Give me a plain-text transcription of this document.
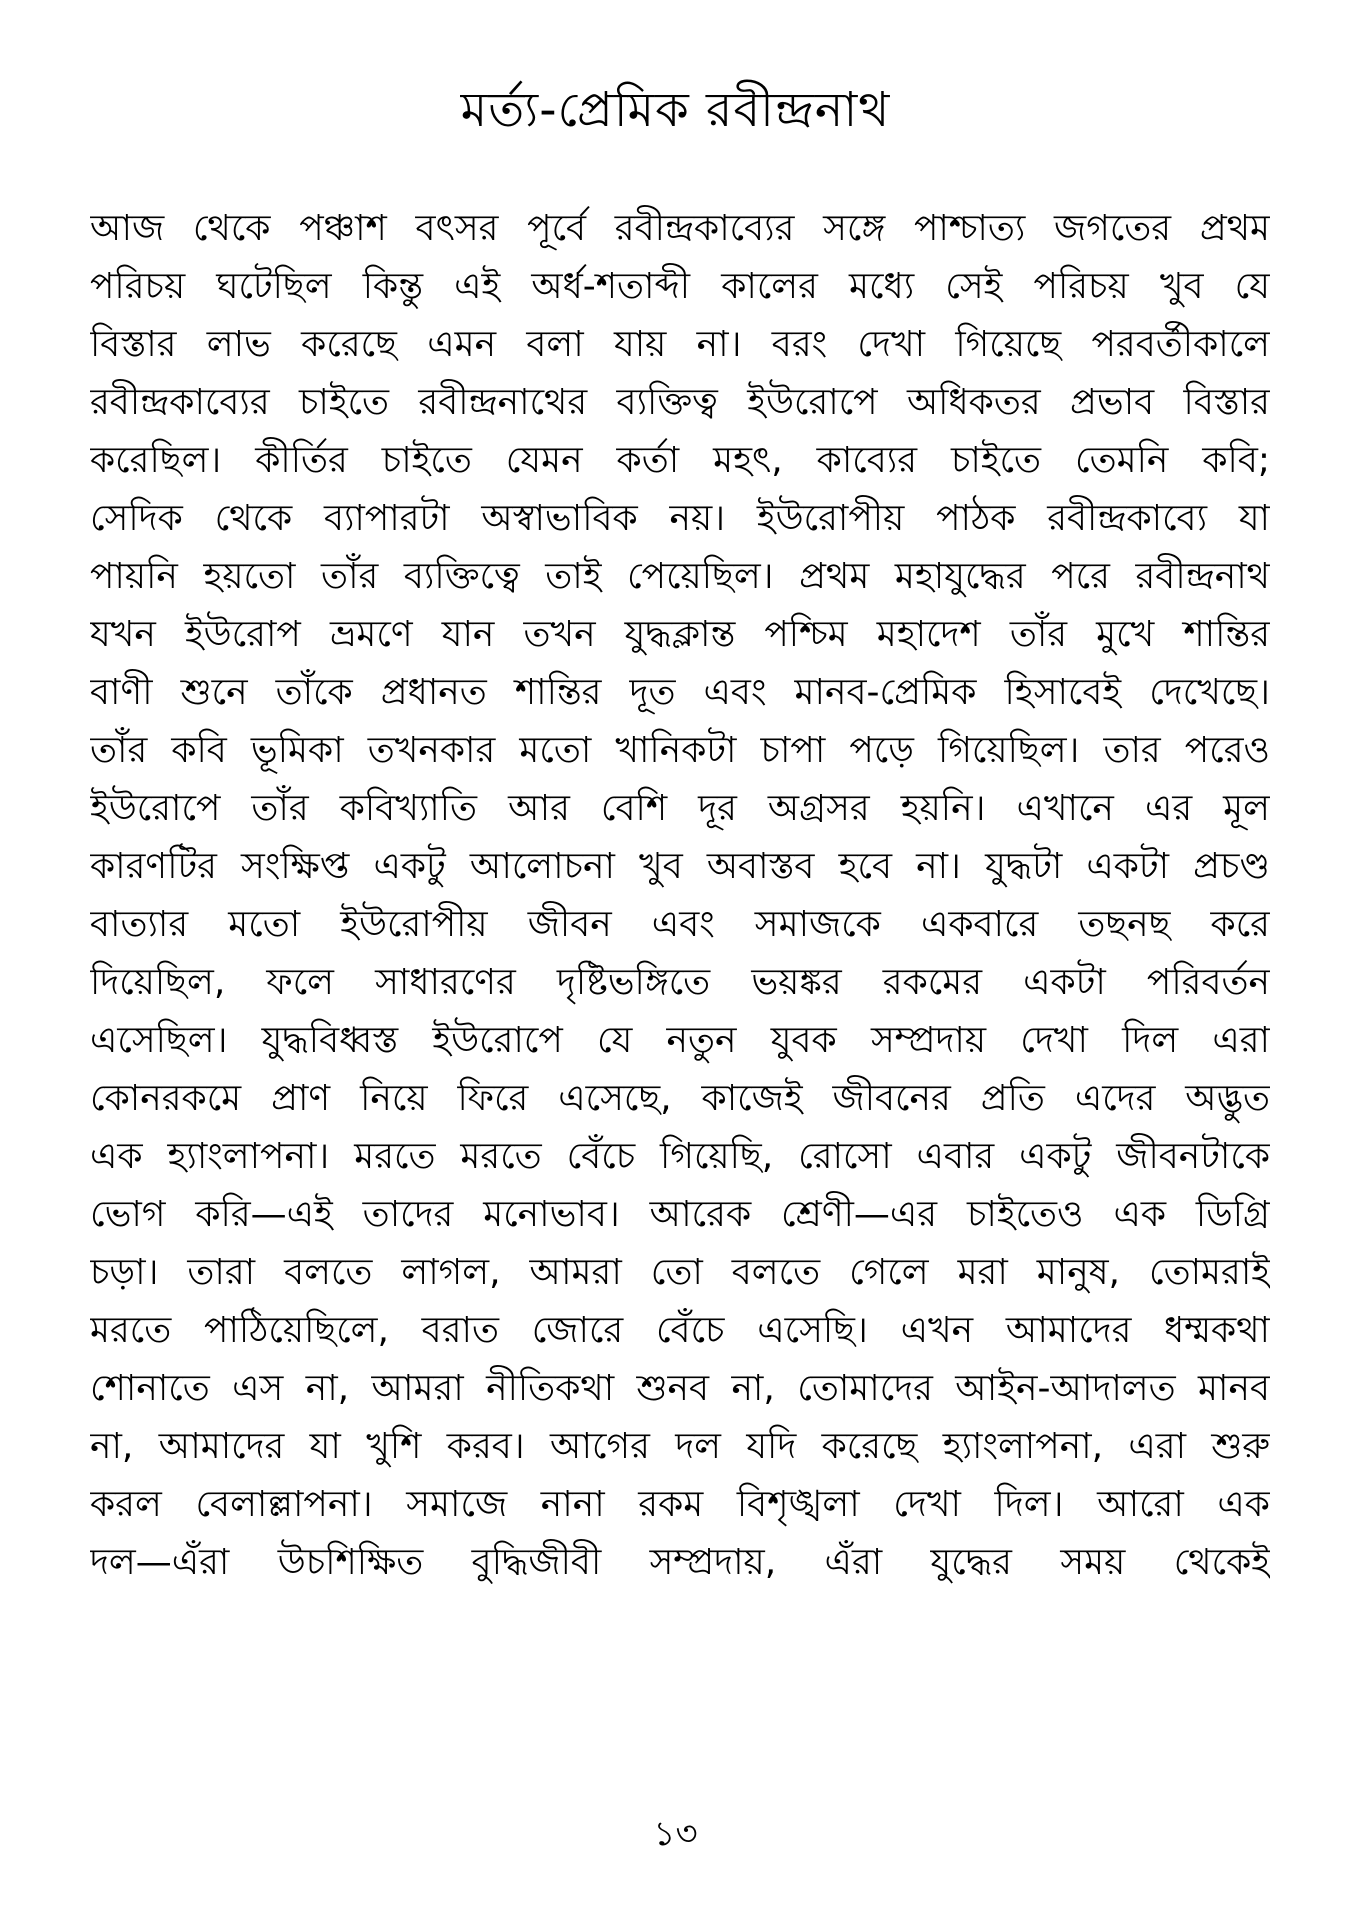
মর্ত্য-প্রেমিক রবীন্দ্রনাথ
আজ থেকে পঞ্চাশ বৎসর পূর্বে রবীন্দ্রকাব্যের সঙ্গে পাশ্চাত্য জগতের প্রথম
পরিচয় ঘটেছিল কিন্তু এই অর্ধ-শতাব্দী কালের মধ্যে সেই পরিচয় খুব যে
বিস্তার লাভ করেছে এমন বলা যায় না। বরং দেখা গিয়েছে পরবর্তীকালে
রবীন্দ্রকাব্যের চাইতে রবীন্দ্রনাথের ব্যক্তিত্ব ইউরোপে অধিকতর প্রভাব বিস্তার
করেছিল। কীর্তির চাইতে যেমন কর্তা মহৎ, কাব্যের চাইতে তেমনি কবি;
সেদিক থেকে ব্যাপারটা অস্বাভাবিক নয়। ইউরোপীয় পাঠক রবীন্দ্রকাব্যে যা
পায়নি হয়তো তাঁর ব্যক্তিত্বে তাই পেয়েছিল। প্রথম মহাযুদ্ধের পরে রবীন্দ্রনাথ
যখন ইউরোপ ভ্রমণে যান তখন যুদ্ধক্লান্ত পশ্চিম মহাদেশ তাঁর মুখে শান্তির
বাণী শুনে তাঁকে প্রধানত শান্তির দূত এবং মানব-প্রেমিক হিসাবেই দেখেছে।
তাঁর কবি ভূমিকা তখনকার মতো খানিকটা চাপা পড়ে গিয়েছিল। তার পরেও
ইউরোপে তাঁর কবিখ্যাতি আর বেশি দূর অগ্রসর হয়নি। এখানে এর মূল
কারণটির সংক্ষিপ্ত একটু আলোচনা খুব অবাস্তব হবে না। যুদ্ধটা একটা প্রচণ্ড
বাত্যার মতো ইউরোপীয় জীবন এবং সমাজকে একবারে তছনছ করে
দিয়েছিল, ফলে সাধারণের দৃষ্টিভঙ্গিতে ভয়ঙ্কর রকমের একটা পরিবর্তন
এসেছিল। যুদ্ধবিধ্বস্ত ইউরোপে যে নতুন যুবক সম্প্রদায় দেখা দিল এরা
কোনরকমে প্রাণ নিয়ে ফিরে এসেছে, কাজেই জীবনের প্রতি এদের অদ্ভুত
এক হ্যাংলাপনা। মরতে মরতে বেঁচে গিয়েছি, রোসো এবার একটু জীবনটাকে
ভোগ করি—এই তাদের মনোভাব। আরেক শ্রেণী—এর চাইতেও এক ডিগ্রি
চড়া। তারা বলতে লাগল, আমরা তো বলতে গেলে মরা মানুষ, তোমরাই
মরতে পাঠিয়েছিলে, বরাত জোরে বেঁচে এসেছি। এখন আমাদের ধম্মকথা
শোনাতে এস না, আমরা নীতিকথা শুনব না, তোমাদের আইন-আদালত মানব
না, আমাদের যা খুশি করব। আগের দল যদি করেছে হ্যাংলাপনা, এরা শুরু
করল বেলাল্লাপনা। সমাজে নানা রকম বিশৃঙ্খলা দেখা দিল। আরো এক
দল—এঁরা উচশিক্ষিত বুদ্ধিজীবী সম্প্রদায়, এঁরা যুদ্ধের সময় থেকেই
১৩
